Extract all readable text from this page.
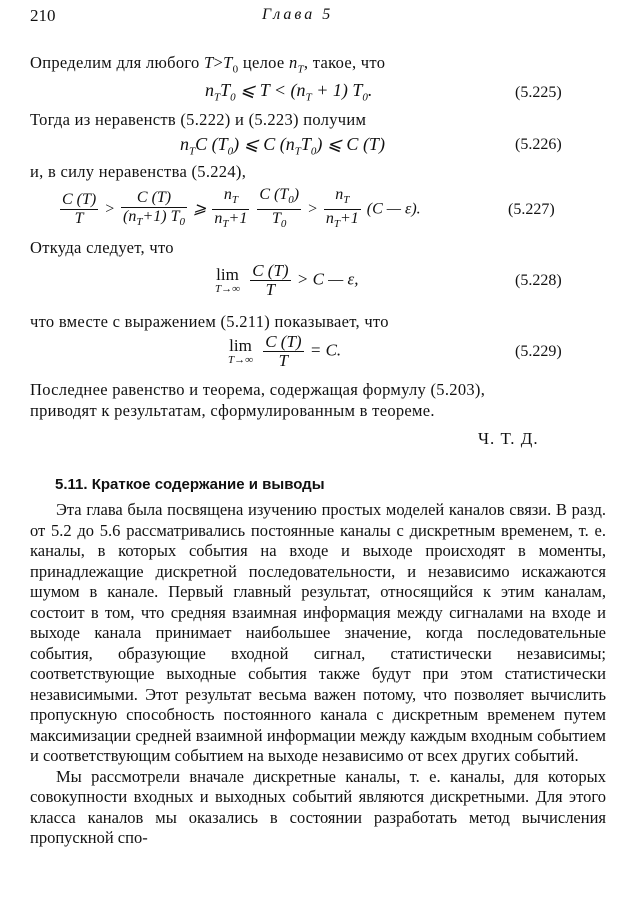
210	Глава 5
Определим для любого $T>T_0$ целое $n_T$, такое, что
$n_TT_0$ ⩽ $T < (n_T + 1)$ $T_0$.	(5.225)
Тогда из неравенств (5.222) и (5.223) получим
$n_TC$ $(T_0)$ ⩽ C $(n_TT_0)$ ⩽ C (T)	(5.226)
и, в силу неравенства (5.224),
$\frac{C (T)}{T} > \frac{C (T)}{(n_T+1) T_0}$ ⩾ $\frac{n_T}{n_T+1}$
$\frac{C (T_0)}{T_0} > \frac{n_T}{n_T+1} (C$ — ε).	(5.227)
Откуда следует, что
lim
T→∞
$\frac{C (T)}{T} > C$ — ε,	(5.228)
что вместе с выражением (5.211) показывает, что
lim
T→∞
$\frac{C (T)}{T} = C$.	(5.229)
Последнее равенство и теорема, содержащая формулу (5.203),
приводят к результатам, сформулированным в теореме.
Ч. Т. Д.
5.11. Краткое содержание и выводы

Эта глава была посвящена изучению простых моделей каналов связи. В разд. от 5.2 до 5.6 рассматривались постоянные каналы с дискретным временем, т. е. каналы, в которых события на входе и выходе происходят в моменты, принадлежащие дискретной последовательности, и независимо искажаются шумом в канале. Первый главный результат, относящийся к этим каналам, состоит в том, что средняя взаимная информация между сигналами на входе и выходе канала принимает наибольшее значение, когда последовательные события, образующие входной сигнал, статистически независимы; соответствующие выходные события также будут при этом статистически независимыми. Этот результат весьма важен потому, что позволяет вычислить пропускную способность постоянного канала с дискретным временем путем максимизации средней взаимной информации между каждым входным событием и соответствующим событием на выходе независимо от всех других событий.

Мы рассмотрели вначале дискретные каналы, т. е. каналы, для которых совокупности входных и выходных событий являются дискретными. Для этого класса каналов мы оказались в состоянии разработать метод вычисления пропускной спо-
